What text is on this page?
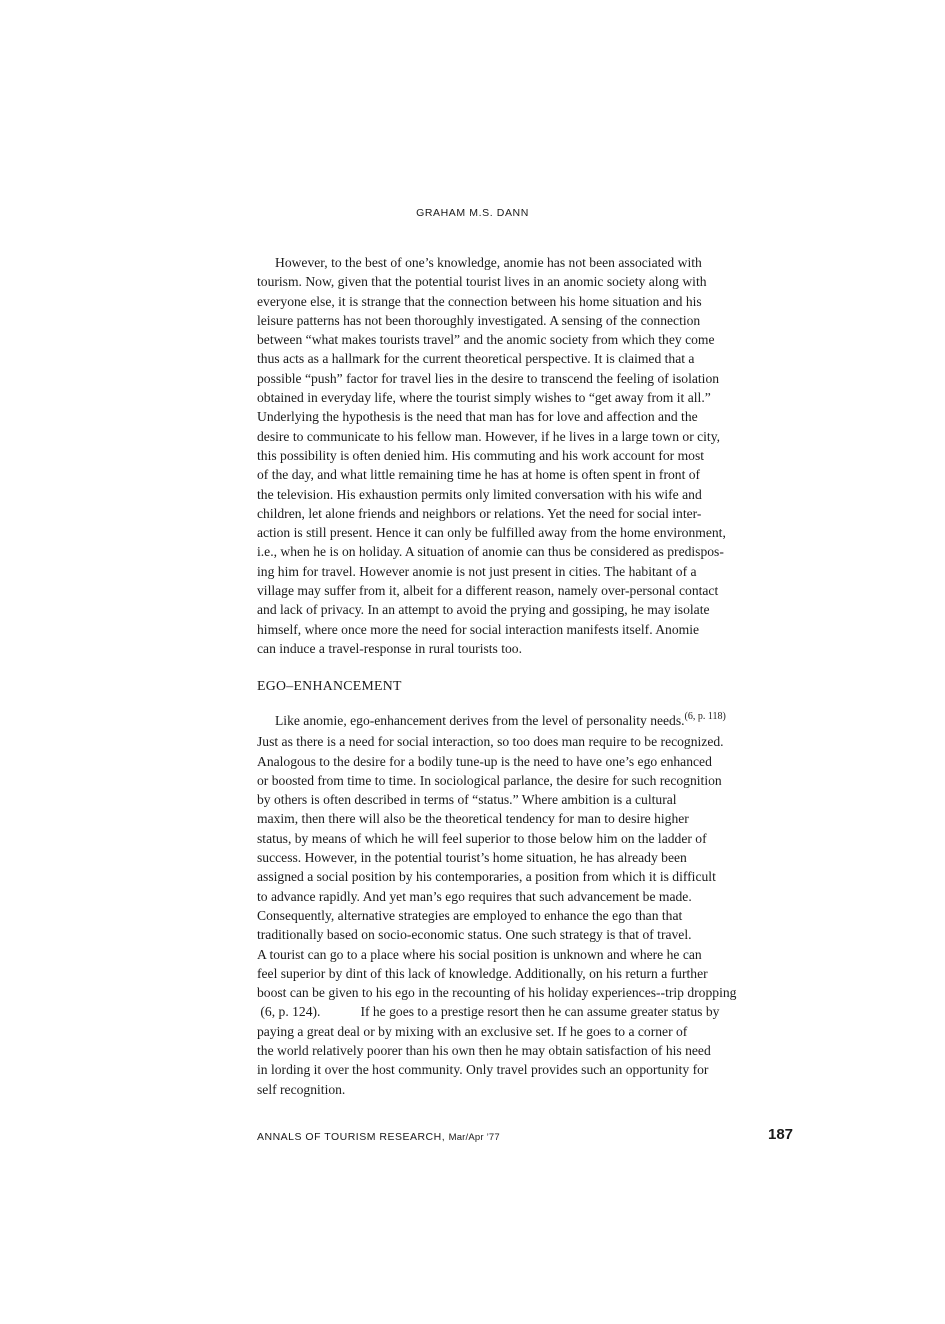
GRAHAM M.S. DANN
However, to the best of one’s knowledge, anomie has not been associated with
tourism. Now, given that the potential tourist lives in an anomic society along with
everyone else, it is strange that the connection between his home situation and his
leisure patterns has not been thoroughly investigated. A sensing of the connection
between “what makes tourists travel” and the anomic society from which they come
thus acts as a hallmark for the current theoretical perspective. It is claimed that a
possible “push” factor for travel lies in the desire to transcend the feeling of isolation
obtained in everyday life, where the tourist simply wishes to “get away from it all.”
Underlying the hypothesis is the need that man has for love and affection and the
desire to communicate to his fellow man. However, if he lives in a large town or city,
this possibility is often denied him. His commuting and his work account for most
of the day, and what little remaining time he has at home is often spent in front of
the television. His exhaustion permits only limited conversation with his wife and
children, let alone friends and neighbors or relations. Yet the need for social inter-
action is still present. Hence it can only be fulfilled away from the home environment,
i.e., when he is on holiday. A situation of anomie can thus be considered as predispos-
ing him for travel. However anomie is not just present in cities. The habitant of a
village may suffer from it, albeit for a different reason, namely over-personal contact
and lack of privacy. In an attempt to avoid the prying and gossiping, he may isolate
himself, where once more the need for social interaction manifests itself. Anomie
can induce a travel-response in rural tourists too.
EGO–ENHANCEMENT
Like anomie, ego-enhancement derives from the level of personality needs.$^{(6, p. 118)}$
Just as there is a need for social interaction, so too does man require to be recognized.
Analogous to the desire for a bodily tune-up is the need to have one’s ego enhanced
or boosted from time to time. In sociological parlance, the desire for such recognition
by others is often described in terms of “status.” Where ambition is a cultural
maxim, then there will also be the theoretical tendency for man to desire higher
status, by means of which he will feel superior to those below him on the ladder of
success. However, in the potential tourist’s home situation, he has already been
assigned a social position by his contemporaries, a position from which it is difficult
to advance rapidly. And yet man’s ego requires that such advancement be made.
Consequently, alternative strategies are employed to enhance the ego than that
traditionally based on socio-economic status. One such strategy is that of travel.
A tourist can go to a place where his social position is unknown and where he can
feel superior by dint of this lack of knowledge. Additionally, on his return a further
boost can be given to his ego in the recounting of his holiday experiences--trip dropping
(6, p. 124).	If he goes to a prestige resort then he can assume greater status by
paying a great deal or by mixing with an exclusive set. If he goes to a corner of
the world relatively poorer than his own then he may obtain satisfaction of his need
in lording it over the host community. Only travel provides such an opportunity for
self recognition.
ANNALS OF TOURISM RESEARCH, Mar/Apr ’77	187
